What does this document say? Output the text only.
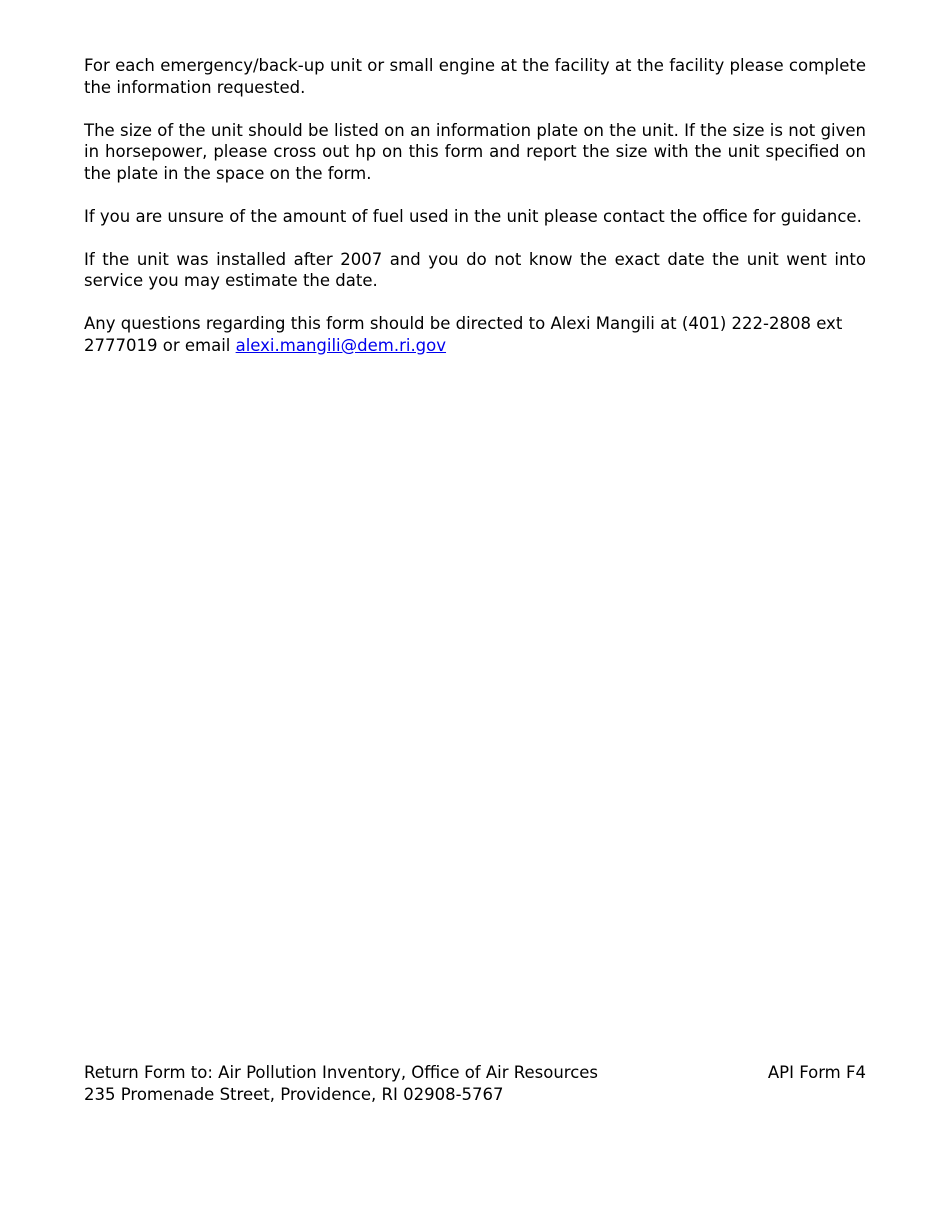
For each emergency/back-up unit or small engine at the facility at the facility please complete the information requested.

The size of the unit should be listed on an information plate on the unit. If the size is not given in horsepower, please cross out hp on this form and report the size with the unit specified on the plate in the space on the form.

If you are unsure of the amount of fuel used in the unit please contact the office for guidance.

If the unit was installed after 2007 and you do not know the exact date the unit went into service you may estimate the date.

Any questions regarding this form should be directed to Alexi Mangili at (401) 222-2808 ext 2777019 or email alexi.mangili@dem.ri.gov

Return Form to: Air Pollution Inventory, Office of Air Resources	API Form F4
235 Promenade Street, Providence, RI 02908-5767
